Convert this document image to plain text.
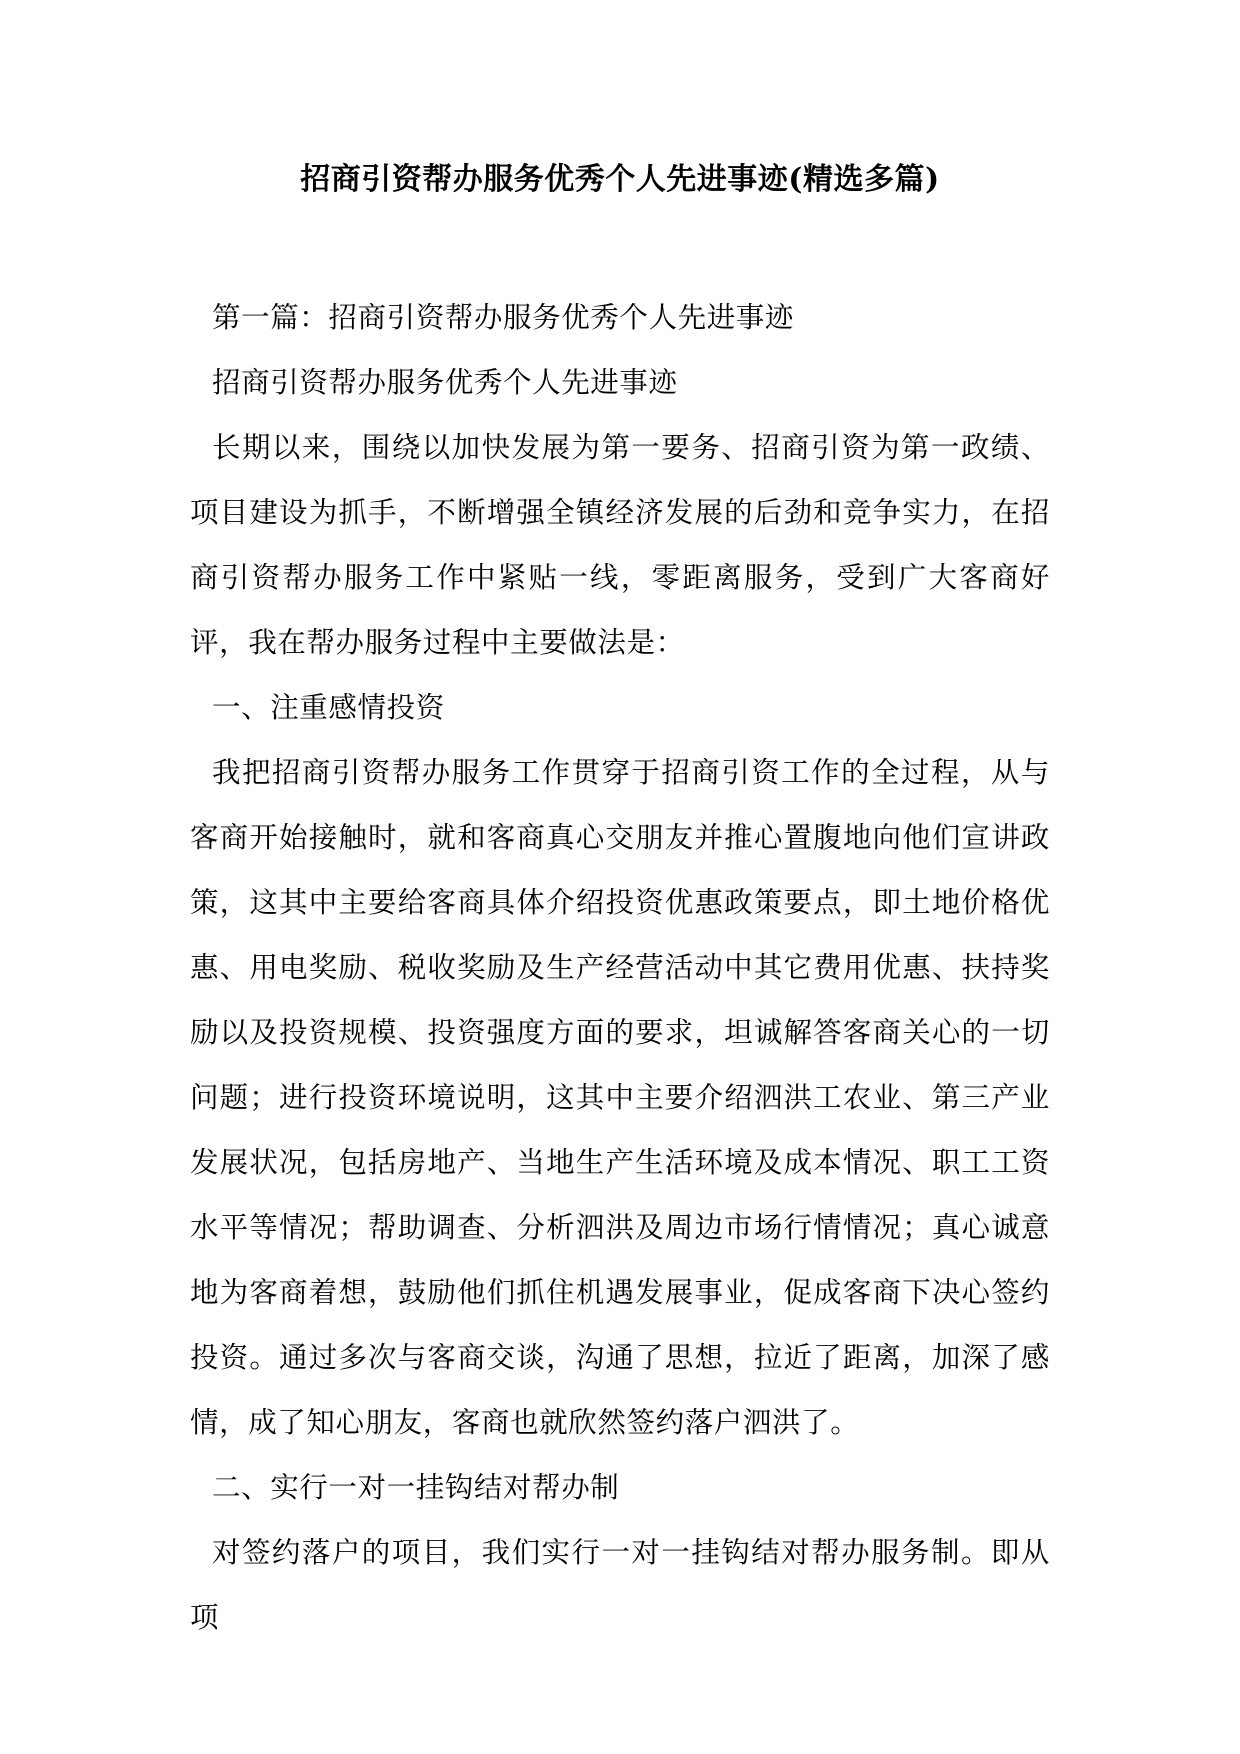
招商引资帮办服务优秀个人先进事迹(精选多篇)

第一篇：招商引资帮办服务优秀个人先进事迹

招商引资帮办服务优秀个人先进事迹

长期以来，围绕以加快发展为第一要务、招商引资为第一政绩、项目建设为抓手，不断增强全镇经济发展的后劲和竞争实力，在招商引资帮办服务工作中紧贴一线，零距离服务，受到广大客商好评，我在帮办服务过程中主要做法是：

一、注重感情投资

我把招商引资帮办服务工作贯穿于招商引资工作的全过程，从与客商开始接触时，就和客商真心交朋友并推心置腹地向他们宣讲政策，这其中主要给客商具体介绍投资优惠政策要点，即土地价格优惠、用电奖励、税收奖励及生产经营活动中其它费用优惠、扶持奖励以及投资规模、投资强度方面的要求，坦诚解答客商关心的一切问题；进行投资环境说明，这其中主要介绍泗洪工农业、第三产业发展状况，包括房地产、当地生产生活环境及成本情况、职工工资水平等情况；帮助调查、分析泗洪及周边市场行情情况；真心诚意地为客商着想，鼓励他们抓住机遇发展事业，促成客商下决心签约投资。通过多次与客商交谈，沟通了思想，拉近了距离，加深了感情，成了知心朋友，客商也就欣然签约落户泗洪了。

二、实行一对一挂钩结对帮办制

对签约落户的项目，我们实行一对一挂钩结对帮办服务制。即从项
